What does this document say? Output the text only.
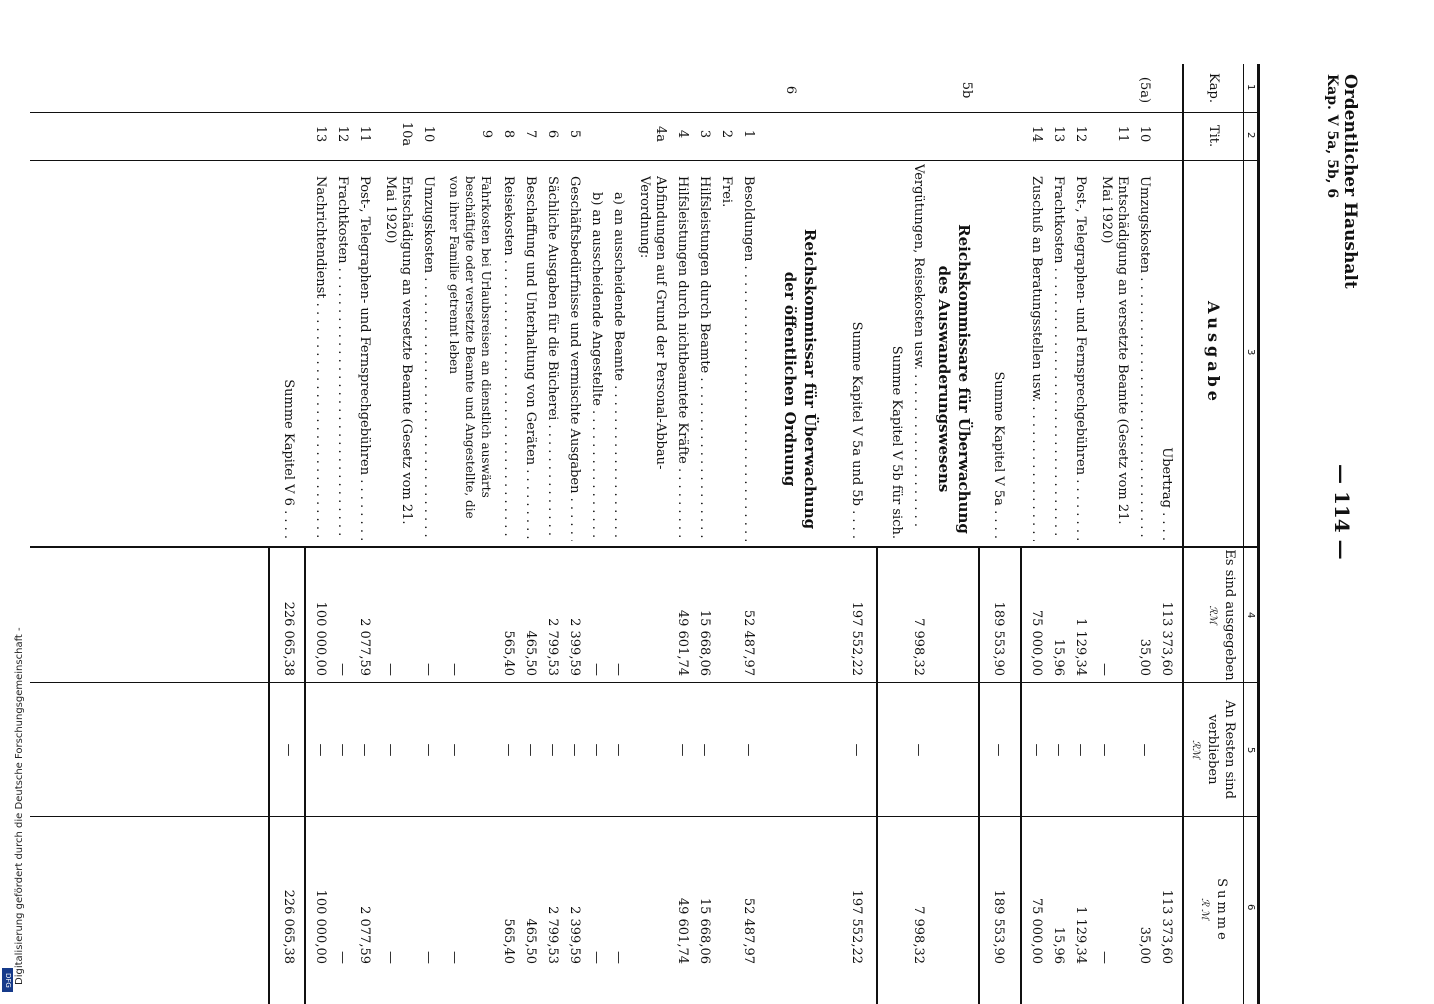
Digitalisierung gefördert durch die Deutsche Forschungsgemeinschaft -
DFG
Ordentlicher Haushalt
Kap. V 5a, 5b, 6
— 114 —
1
2
3
4
5
6
Kap.
Tit.
Ausgabe
Es sind ausgegeben
ℛℳ
An Resten sind verblieben
ℛℳ
Summe
ℛℳ
Übertrag . . . .
113 373,60
113 373,60
(5a)
10
Umzugskosten . . .
35,00
—
35,00
11
Entschädigung an versetzte Beamte (Gesetz vom 21. Mai 1920)
—
—
—
12
Post-, Telegraphen- und Fernsprechgebühren . . .
1 129,34
—
1 129,34
13
Frachtkosten . . .
15,96
—
15,96
14
Zuschuß an Beratungsstellen usw. . . .
75 000,00
—
75 000,00
Summe Kapitel V 5a . . . .
189 553,90
—
189 553,90
5b
Reichskommissare für Überwachung des Auswanderungswesens
Vergütungen, Reisekosten usw. . . .
7 998,32
—
7 998,32
Summe Kapitel V 5b für sich.
Summe Kapitel V 5a und 5b . . . .
197 552,22
—
197 552,22
6
Reichskommissar für Überwachung der öffentlichen Ordnung
1
Besoldungen . . .
52 487,97
—
52 487,97
2
Frei.
3
Hilfsleistungen durch Beamte . . .
15 668,06
—
15 668,06
4
Hilfsleistungen durch nichtbeamtete Kräfte . . .
49 601,74
—
49 601,74
4a
Abfindungen auf Grund der Personal-Abbau-Verordnung:
a) an ausscheidende Beamte . . .
—
—
—
b) an ausscheidende Angestellte . . .
—
—
—
5
Geschäftsbedürfnisse und vermischte Ausgaben . . .
2 399,59
—
2 399,59
6
Sächliche Ausgaben für die Bücherei . . .
2 799,53
—
2 799,53
7
Beschaffung und Unterhaltung von Geräten . . .
465,50
—
465,50
8
Reisekosten . . .
565,40
—
565,40
9
Fahrkosten bei Urlaubsreisen an dienstlich auswärts beschäftigte oder versetzte Beamte und Angestellte, die von ihrer Familie getrennt leben
—
—
—
10
Umzugskosten . . .
—
—
—
10a
Entschädigung an versetzte Beamte (Gesetz vom 21. Mai 1920)
—
—
—
11
Post-, Telegraphen- und Fernsprechgebühren . . .
2 077,59
—
2 077,59
12
Frachtkosten . . .
—
—
—
13
Nachrichtendienst . . .
100 000,00
—
100 000,00
Summe Kapitel V 6 . . . .
226 065,38
—
226 065,38
